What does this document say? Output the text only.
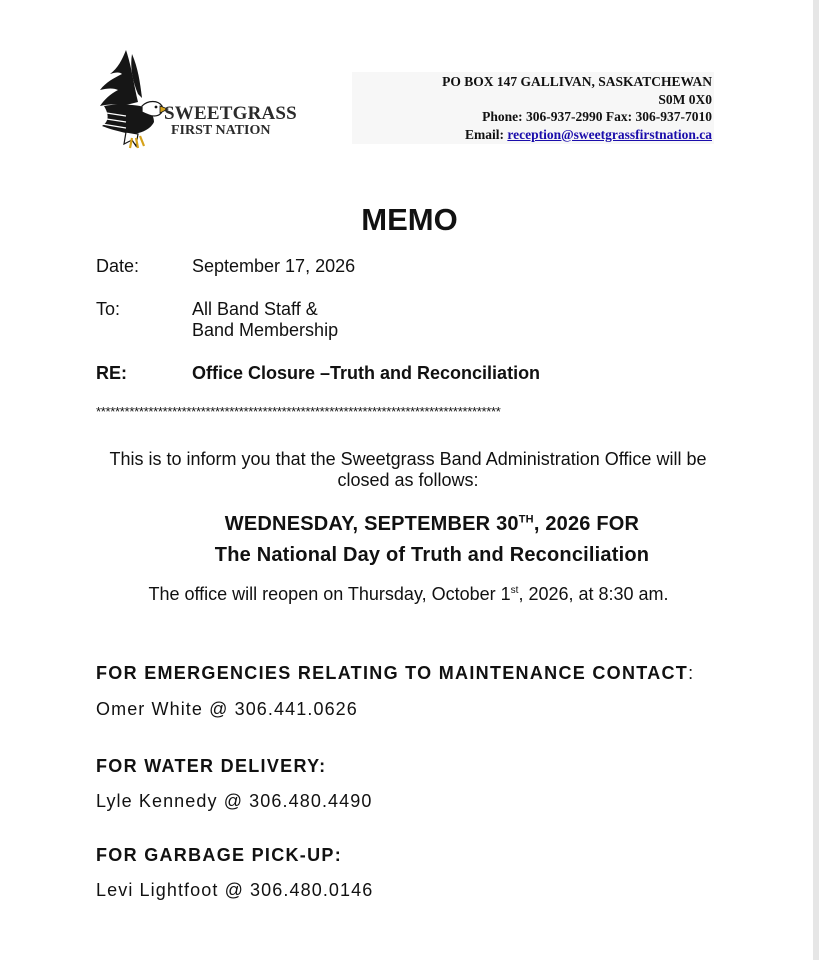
SWEETGRASS
FIRST NATION
PO BOX 147 GALLIVAN, SASKATCHEWAN
S0M 0X0
Phone: 306-937-2990 Fax: 306-937-7010
Email: reception@sweetgrassfirstnation.ca
MEMO
Date:	September 17, 2026
To:	All Band Staff &
Band Membership
RE:	Office Closure –Truth and Reconciliation
*************************************************************************************
This is to inform you that the Sweetgrass Band Administration Office will be
closed as follows:
WEDNESDAY, SEPTEMBER 30TH, 2026 FOR
The National Day of Truth and Reconciliation
The office will reopen on Thursday, October 1st, 2026, at 8:30 am.
FOR EMERGENCIES RELATING TO MAINTENANCE CONTACT:
Omer White @ 306.441.0626
FOR WATER DELIVERY:
Lyle Kennedy @ 306.480.4490
FOR GARBAGE PICK-UP:
Levi Lightfoot @ 306.480.0146
